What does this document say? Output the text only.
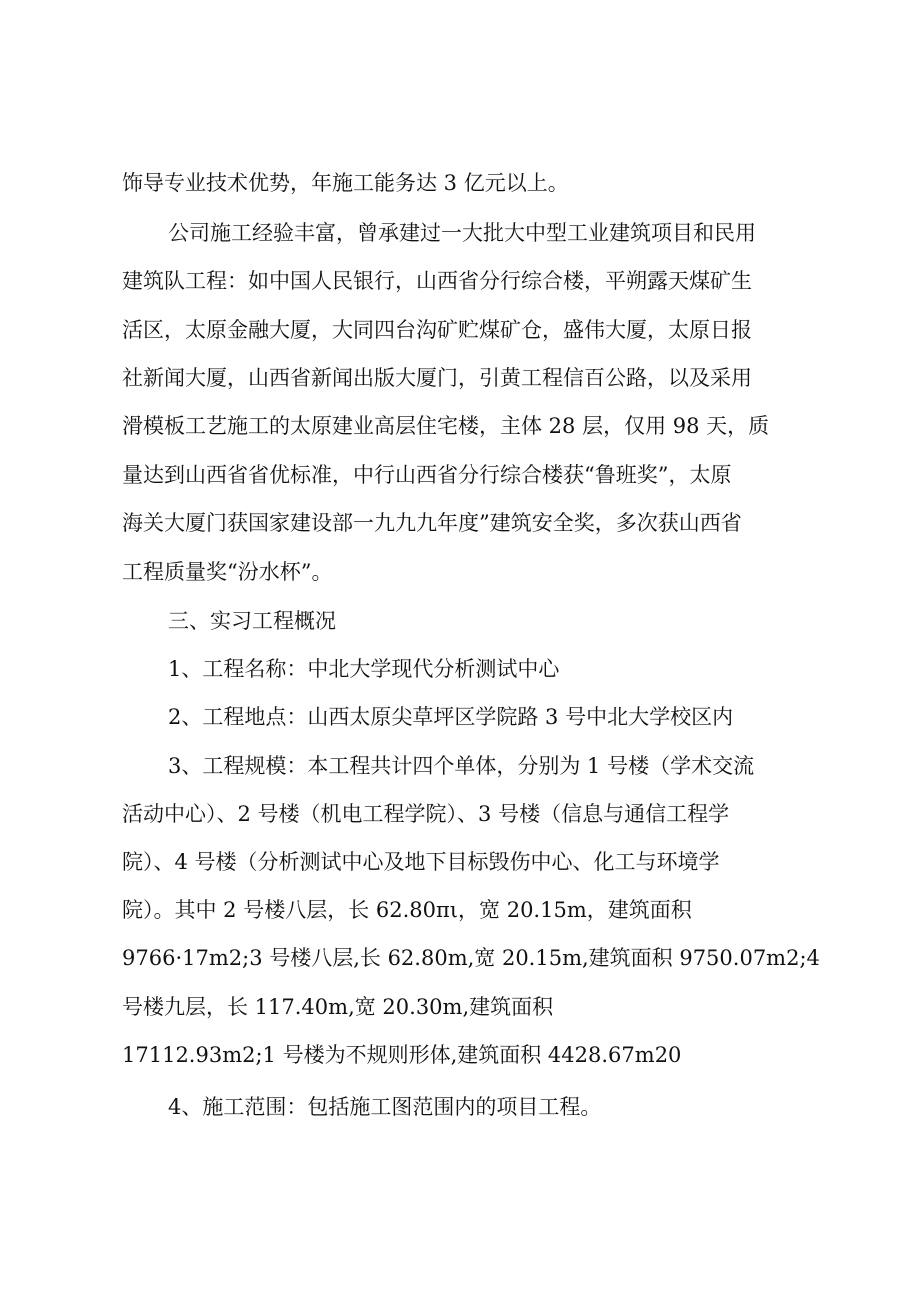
饰导专业技术优势，年施工能务达 3 亿元以上。
公司施工经验丰富，曾承建过一大批大中型工业建筑项目和民用
建筑队工程：如中国人民银行，山西省分行综合楼，平朔露天煤矿生
活区，太原金融大厦，大同四台沟矿贮煤矿仓，盛伟大厦，太原日报
社新闻大厦，山西省新闻出版大厦门，引黄工程信百公路，以及采用
滑模板工艺施工的太原建业高层住宅楼，主体 28 层，仅用 98 天，质
量达到山西省省优标准，中行山西省分行综合楼获“鲁班奖”，太原
海关大厦门获国家建设部一九九九年度”建筑安全奖，多次获山西省
工程质量奖“汾水杯”。
三、实习工程概况
1、工程名称：中北大学现代分析测试中心
2、工程地点：山西太原尖草坪区学院路 3 号中北大学校区内
3、工程规模：本工程共计四个单体，分别为 1 号楼（学术交流
活动中心）、2 号楼（机电工程学院）、3 号楼（信息与通信工程学
院）、4 号楼（分析测试中心及地下目标毁伤中心、化工与环境学
院）。其中 2 号楼八层，长 62.80πι，宽 20.15m，建筑面积
9766·17m2;3 号楼八层,长 62.80m,宽 20.15m,建筑面积 9750.07m2;4
号楼九层，长 117.40m,宽 20.30m,建筑面积
17112.93m2;1 号楼为不规则形体,建筑面积 4428.67m20
4、施工范围：包括施工图范围内的项目工程。
